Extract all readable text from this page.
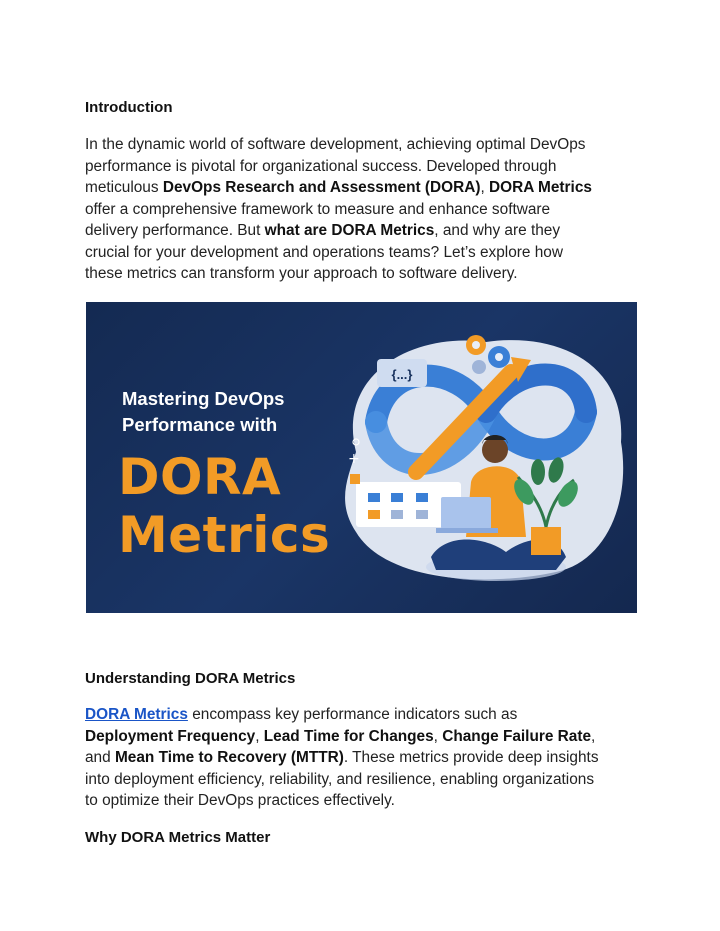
Introduction

In the dynamic world of software development, achieving optimal DevOps

performance is pivotal for organizational success. Developed through

meticulous DevOps Research and Assessment (DORA), DORA Metrics

offer a comprehensive framework to measure and enhance software

delivery performance. But what are DORA Metrics, and why are they

crucial for your development and operations teams? Let’s explore how

these metrics can transform your approach to software delivery.

Understanding DORA Metrics

DORA Metrics encompass key performance indicators such as

Deployment Frequency, Lead Time for Changes, Change Failure Rate,

and Mean Time to Recovery (MTTR). These metrics provide deep insights

into deployment efficiency, reliability, and resilience, enabling organizations

to optimize their DevOps practices effectively.

Why DORA Metrics Matter
{...}
+
Mastering DevOps
Performance with
DORA
Metrics
